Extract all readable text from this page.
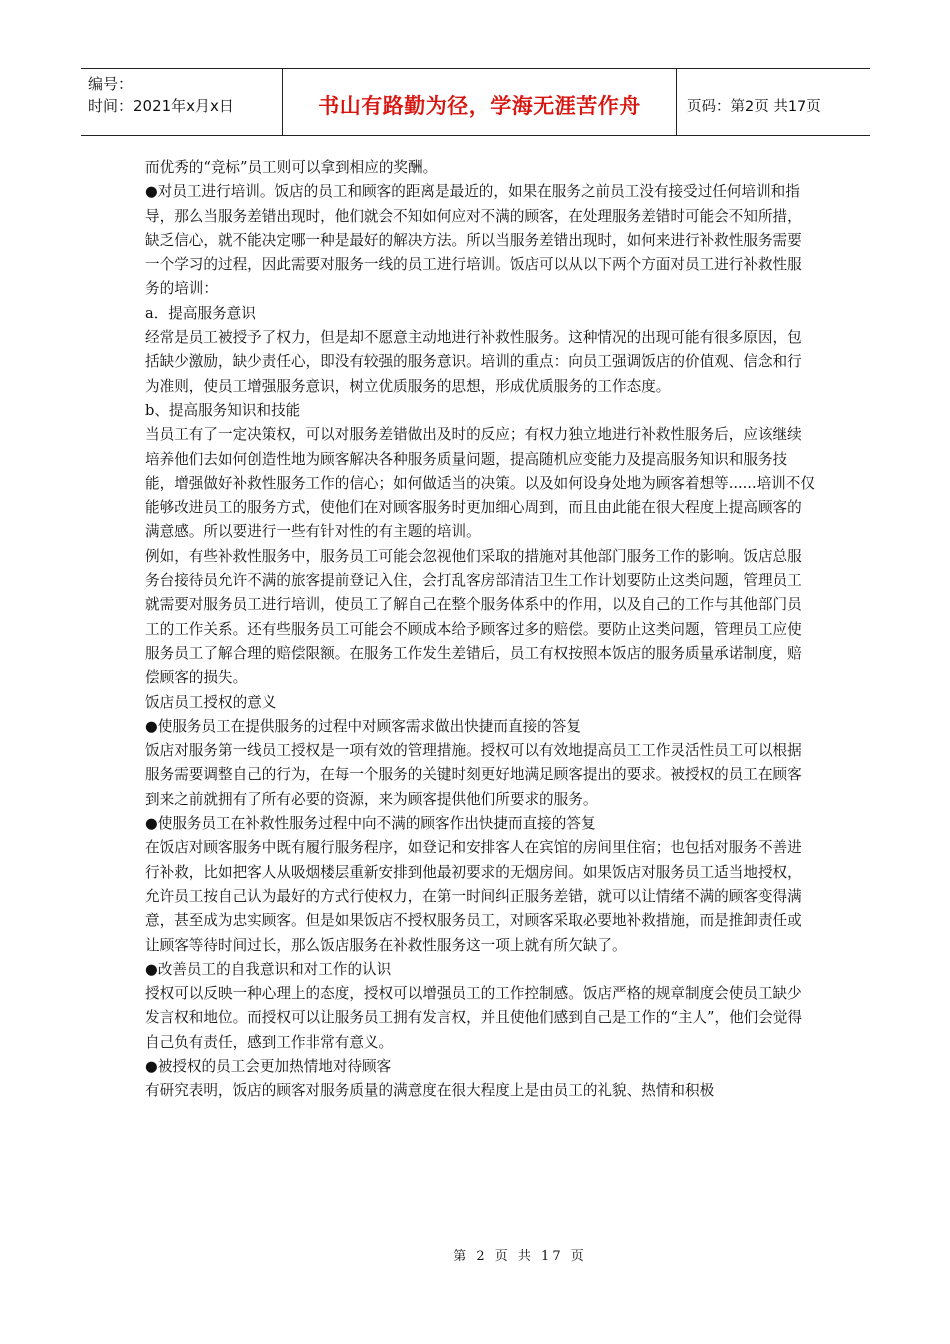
编号：
时间：2021年x月x日	书山有路勤为径，学海无涯苦作舟	页码：第2页 共17页

而优秀的“竞标”员工则可以拿到相应的奖酬。

●对员工进行培训。饭店的员工和顾客的距离是最近的，如果在服务之前员工没有接受过任何培训和指导，那么当服务差错出现时，他们就会不知如何应对不满的顾客，在处理服务差错时可能会不知所措，缺乏信心，就不能决定哪一种是最好的解决方法。所以当服务差错出现时，如何来进行补救性服务需要一个学习的过程，因此需要对服务一线的员工进行培训。饭店可以从以下两个方面对员工进行补救性服务的培训：

a．提高服务意识

经常是员工被授予了权力，但是却不愿意主动地进行补救性服务。这种情况的出现可能有很多原因，包括缺少激励，缺少责任心，即没有较强的服务意识。培训的重点：向员工强调饭店的价值观、信念和行为准则，使员工增强服务意识，树立优质服务的思想，形成优质服务的工作态度。

b、提高服务知识和技能

当员工有了一定决策权，可以对服务差错做出及时的反应；有权力独立地进行补救性服务后，应该继续培养他们去如何创造性地为顾客解决各种服务质量问题，提高随机应变能力及提高服务知识和服务技能，增强做好补救性服务工作的信心；如何做适当的决策。以及如何设身处地为顾客着想等......培训不仅能够改进员工的服务方式，使他们在对顾客服务时更加细心周到，而且由此能在很大程度上提高顾客的满意感。所以要进行一些有针对性的有主题的培训。

例如，有些补救性服务中，服务员工可能会忽视他们采取的措施对其他部门服务工作的影响。饭店总服务台接待员允许不满的旅客提前登记入住，会打乱客房部清洁卫生工作计划要防止这类问题，管理员工就需要对服务员工进行培训，使员工了解自己在整个服务体系中的作用，以及自己的工作与其他部门员工的工作关系。还有些服务员工可能会不顾成本给予顾客过多的赔偿。要防止这类问题，管理员工应使服务员工了解合理的赔偿限额。在服务工作发生差错后，员工有权按照本饭店的服务质量承诺制度，赔偿顾客的损失。

饭店员工授权的意义

●使服务员工在提供服务的过程中对顾客需求做出快捷而直接的答复

饭店对服务第一线员工授权是一项有效的管理措施。授权可以有效地提高员工工作灵活性员工可以根据服务需要调整自己的行为，在每一个服务的关键时刻更好地满足顾客提出的要求。被授权的员工在顾客到来之前就拥有了所有必要的资源，来为顾客提供他们所要求的服务。

●使服务员工在补救性服务过程中向不满的顾客作出快捷而直接的答复

在饭店对顾客服务中既有履行服务程序，如登记和安排客人在宾馆的房间里住宿；也包括对服务不善进行补救，比如把客人从吸烟楼层重新安排到他最初要求的无烟房间。如果饭店对服务员工适当地授权，允许员工按自己认为最好的方式行使权力，在第一时间纠正服务差错，就可以让情绪不满的顾客变得满意，甚至成为忠实顾客。但是如果饭店不授权服务员工，对顾客采取必要地补救措施，而是推卸责任或让顾客等待时间过长，那么饭店服务在补救性服务这一项上就有所欠缺了。

●改善员工的自我意识和对工作的认识

授权可以反映一种心理上的态度，授权可以增强员工的工作控制感。饭店严格的规章制度会使员工缺少发言权和地位。而授权可以让服务员工拥有发言权，并且使他们感到自己是工作的“主人”，他们会觉得自己负有责任，感到工作非常有意义。

●被授权的员工会更加热情地对待顾客

有研究表明，饭店的顾客对服务质量的满意度在很大程度上是由员工的礼貌、热情和积极

第 2 页 共 17 页
